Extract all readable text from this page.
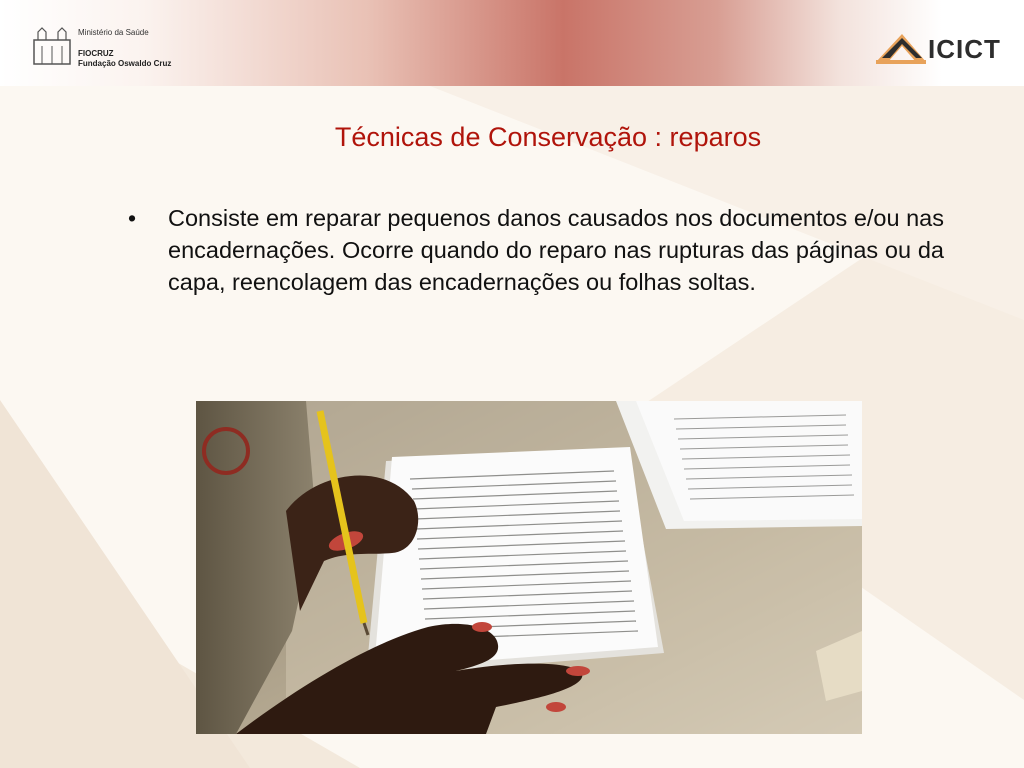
Ministério da Saúde
FIOCRUZ
Fundação Oswaldo Cruz	ICICT
Técnicas de Conservação : reparos
• Consiste em reparar pequenos danos causados nos documentos e/ou nas encadernações. Ocorre quando do reparo nas rupturas das páginas ou da capa, reencolagem das encadernações ou folhas soltas.
